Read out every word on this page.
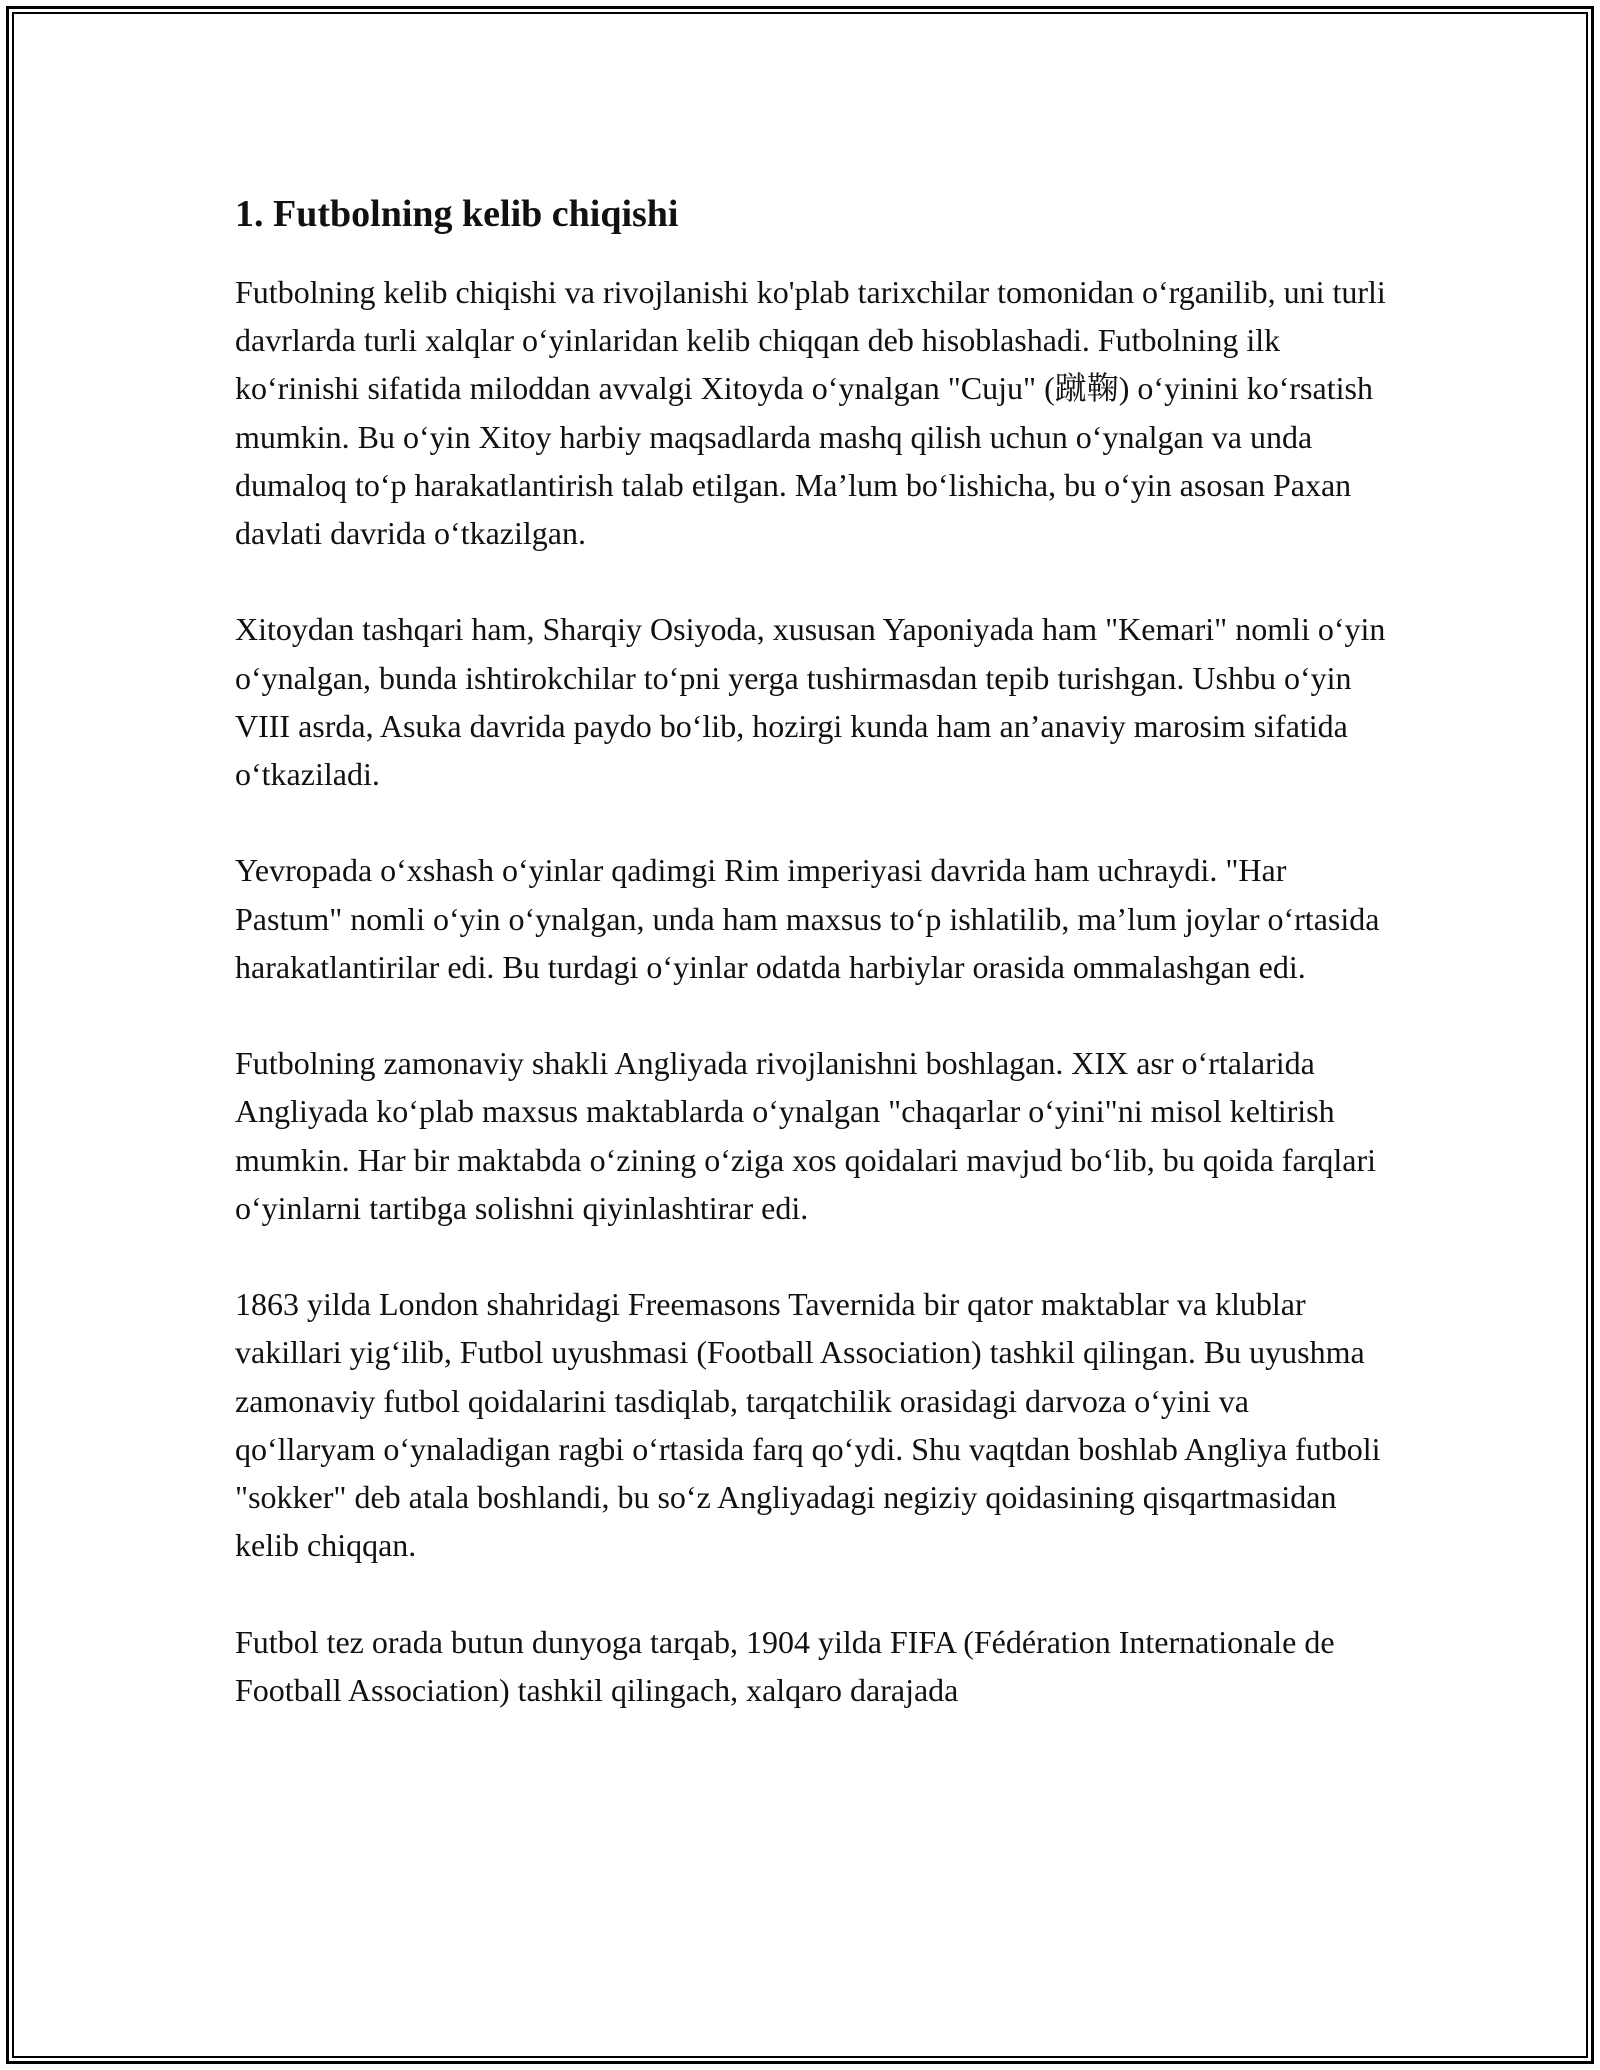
1. Futbolning kelib chiqishi

Futbolning kelib chiqishi va rivojlanishi ko'plab tarixchilar tomonidan o‘rganilib, uni turli davrlarda turli xalqlar o‘yinlaridan kelib chiqqan deb hisoblashadi. Futbolning ilk ko‘rinishi sifatida miloddan avvalgi Xitoyda o‘ynalgan "Cuju" (蹴鞠) o‘yinini ko‘rsatish mumkin. Bu o‘yin Xitoy harbiy maqsadlarda mashq qilish uchun o‘ynalgan va unda dumaloq to‘p harakatlantirish talab etilgan. Ma’lum bo‘lishicha, bu o‘yin asosan Paxan davlati davrida o‘tkazilgan.

Xitoydan tashqari ham, Sharqiy Osiyoda, xususan Yaponiyada ham "Kemari" nomli o‘yin o‘ynalgan, bunda ishtirokchilar to‘pni yerga tushirmasdan tepib turishgan. Ushbu o‘yin VIII asrda, Asuka davrida paydo bo‘lib, hozirgi kunda ham an’anaviy marosim sifatida o‘tkaziladi.

Yevropada o‘xshash o‘yinlar qadimgi Rim imperiyasi davrida ham uchraydi. "Har Pastum" nomli o‘yin o‘ynalgan, unda ham maxsus to‘p ishlatilib, ma’lum joylar o‘rtasida harakatlantirilar edi. Bu turdagi o‘yinlar odatda harbiylar orasida ommalashgan edi.

Futbolning zamonaviy shakli Angliyada rivojlanishni boshlagan. XIX asr o‘rtalarida Angliyada ko‘plab maxsus maktablarda o‘ynalgan "chaqarlar o‘yini"ni misol keltirish mumkin. Har bir maktabda o‘zining o‘ziga xos qoidalari mavjud bo‘lib, bu qoida farqlari o‘yinlarni tartibga solishni qiyinlashtirar edi.

1863 yilda London shahridagi Freemasons Tavernida bir qator maktablar va klublar vakillari yig‘ilib, Futbol uyushmasi (Football Association) tashkil qilingan. Bu uyushma zamonaviy futbol qoidalarini tasdiqlab, tarqatchilik orasidagi darvoza o‘yini va qo‘llaryam o‘ynaladigan ragbi o‘rtasida farq qo‘ydi. Shu vaqtdan boshlab Angliya futboli "sokker" deb atala boshlandi, bu so‘z Angliyadagi negiziy qoidasining qisqartmasidan kelib chiqqan.

Futbol tez orada butun dunyoga tarqab, 1904 yilda FIFA (Fédération Internationale de Football Association) tashkil qilingach, xalqaro darajada
